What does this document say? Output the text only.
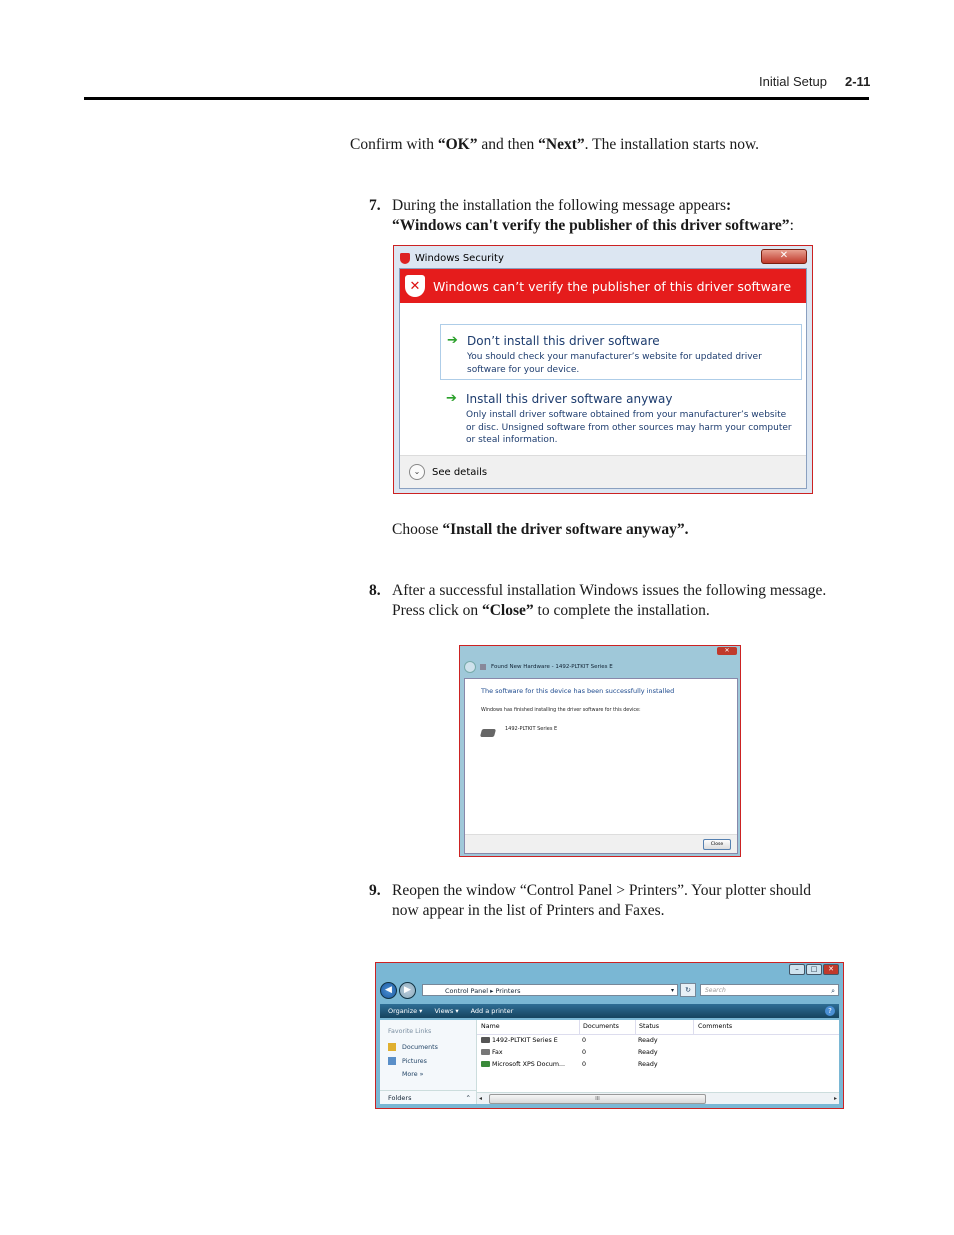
Initial Setup 2-11
Confirm with “OK” and then “Next”. The installation starts now.
7. During the installation the following message appears:
“Windows can't verify the publisher of this driver software”:
Windows Security	✕
✕ Windows can’t verify the publisher of this driver software
➔ Don’t install this driver software
You should check your manufacturer’s website for updated driver software for your device.
➔ Install this driver software anyway
Only install driver software obtained from your manufacturer’s website or disc. Unsigned software from other sources may harm your computer or steal information.
⌄	See details
Choose “Install the driver software anyway”.
8. After a successful installation Windows issues the following message.
Press click on “Close” to complete the installation.
✕
Found New Hardware - 1492-PLTKIT Series E
The software for this device has been successfully installed
Windows has finished installing the driver software for this device:
1492-PLTKIT Series E
Close
9. Reopen the window “Control Panel > Printers”. Your plotter should
now appear in the list of Printers and Faxes.
–	□	✕
◀	▶	Control Panel ▸ Printers	▾	↻	Search	⌕
Organize ▾ Views ▾ Add a printer	?
Favorite Links
Documents
Pictures
More »
Folders	⌃
Name	Documents	Status	Comments
1492-PLTKIT Series E	0	Ready
Fax	0	Ready
Microsoft XPS Docum...	0	Ready
◂	III	▸
